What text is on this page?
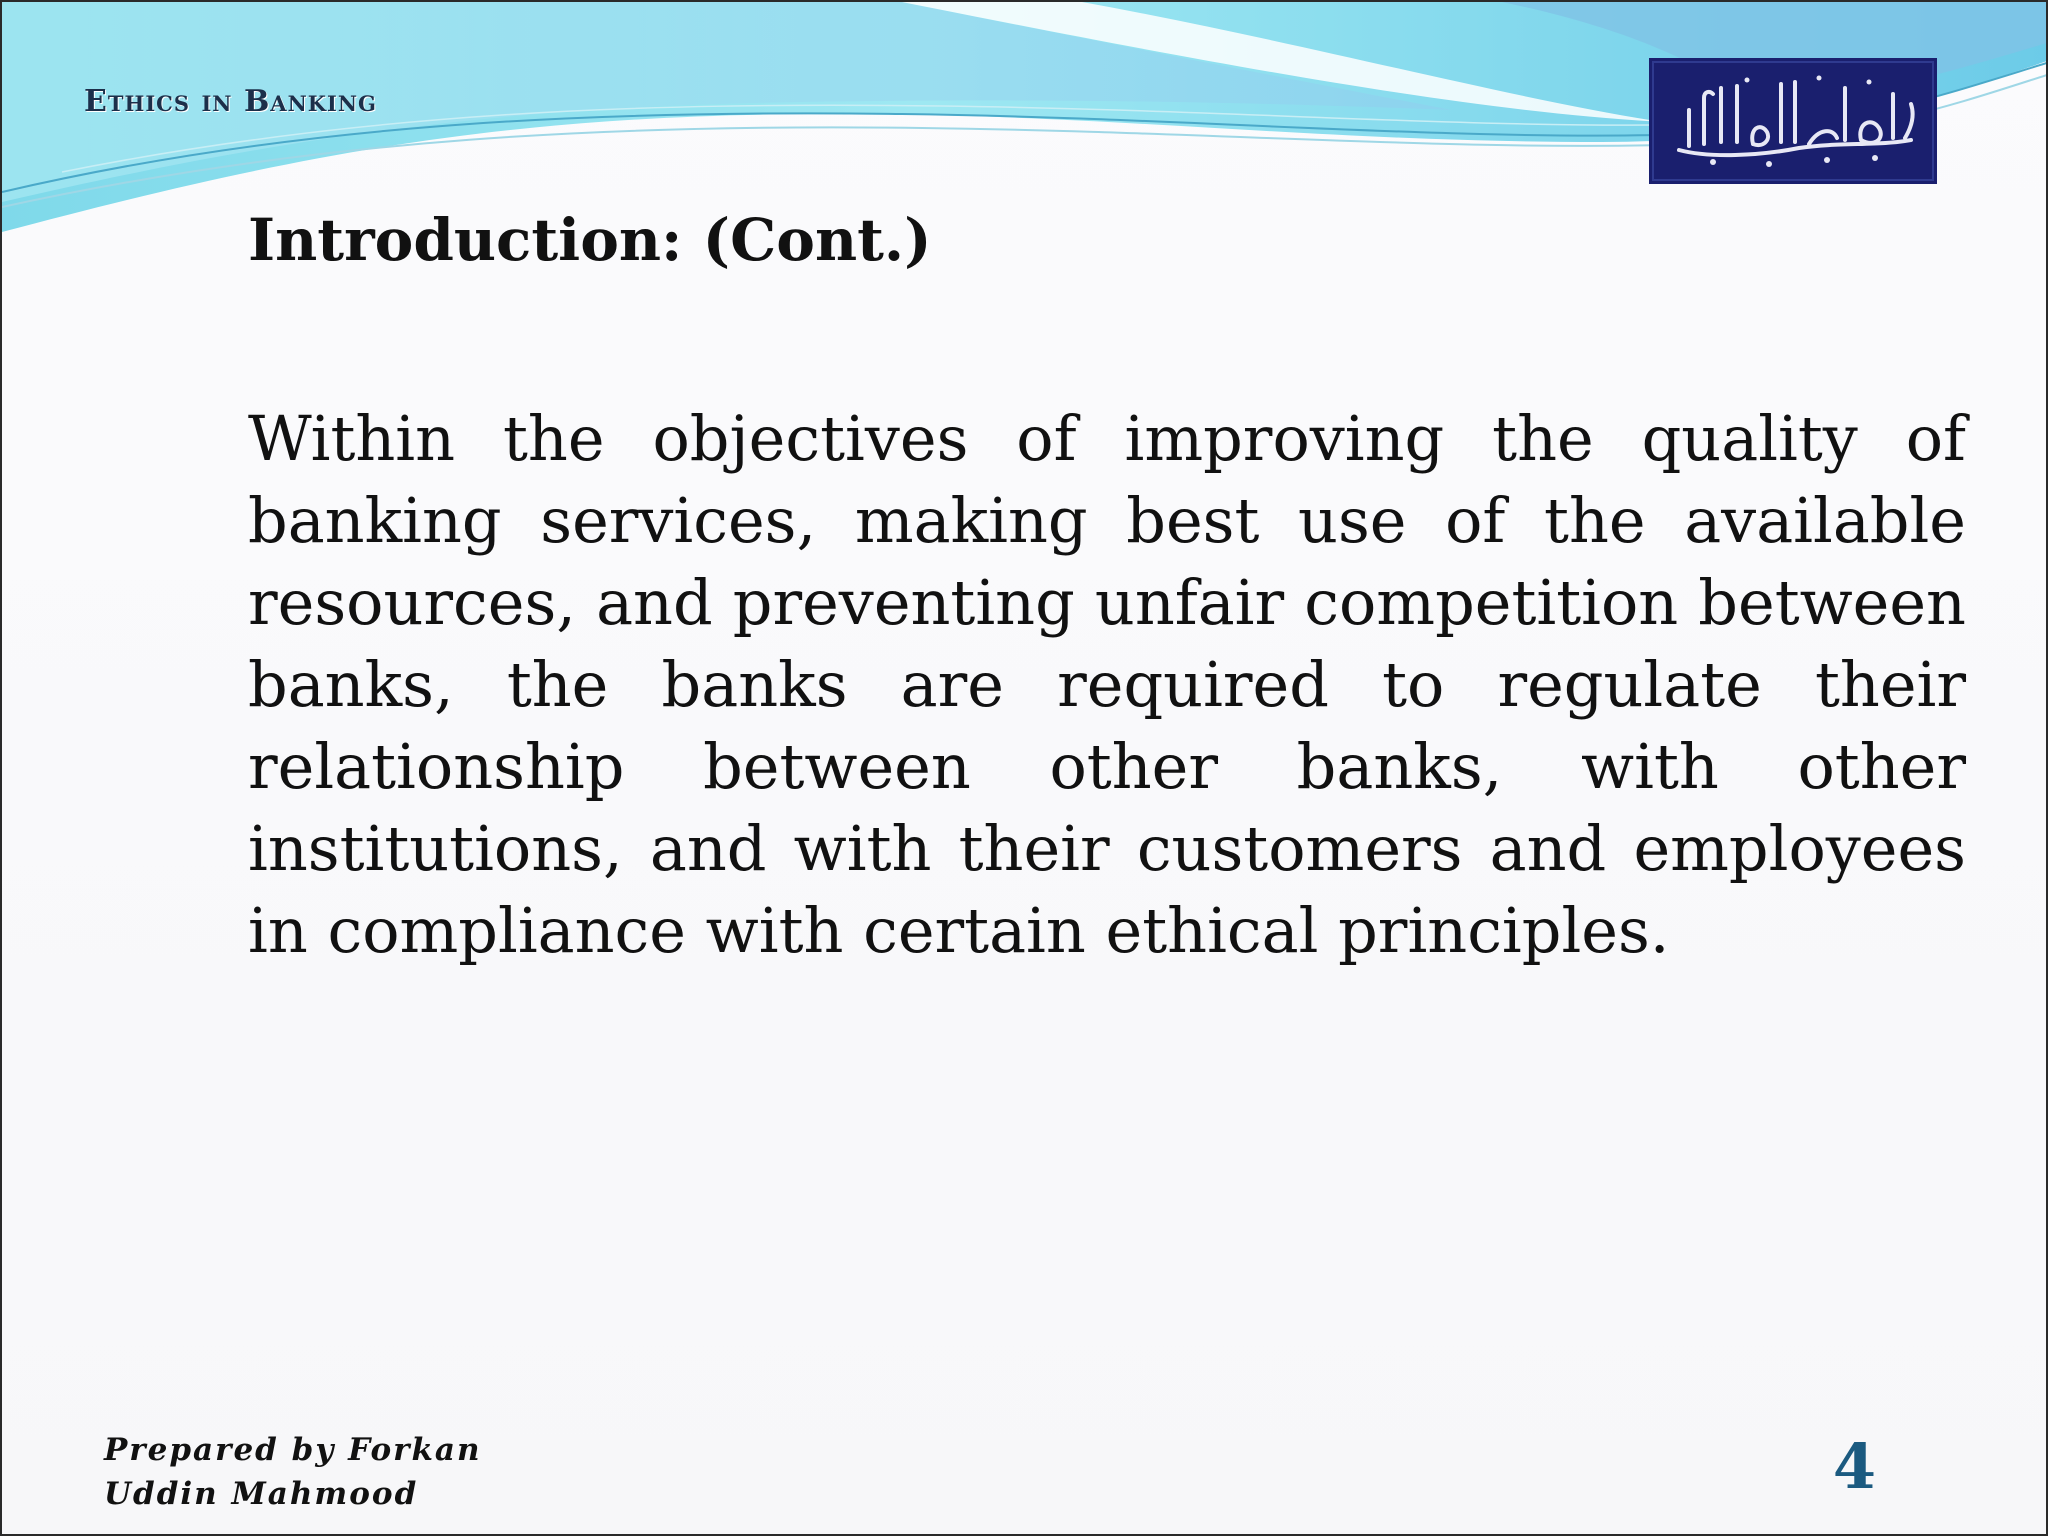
Ethics in Banking
Introduction: (Cont.)

Within the objectives of improving the quality of banking services, making best use of the available resources, and preventing unfair competition between banks, the banks are required to regulate their relationship between other banks, with other institutions, and with their customers and employees in compliance with certain ethical principles.

Prepared by Forkan Uddin Mahmood	4
